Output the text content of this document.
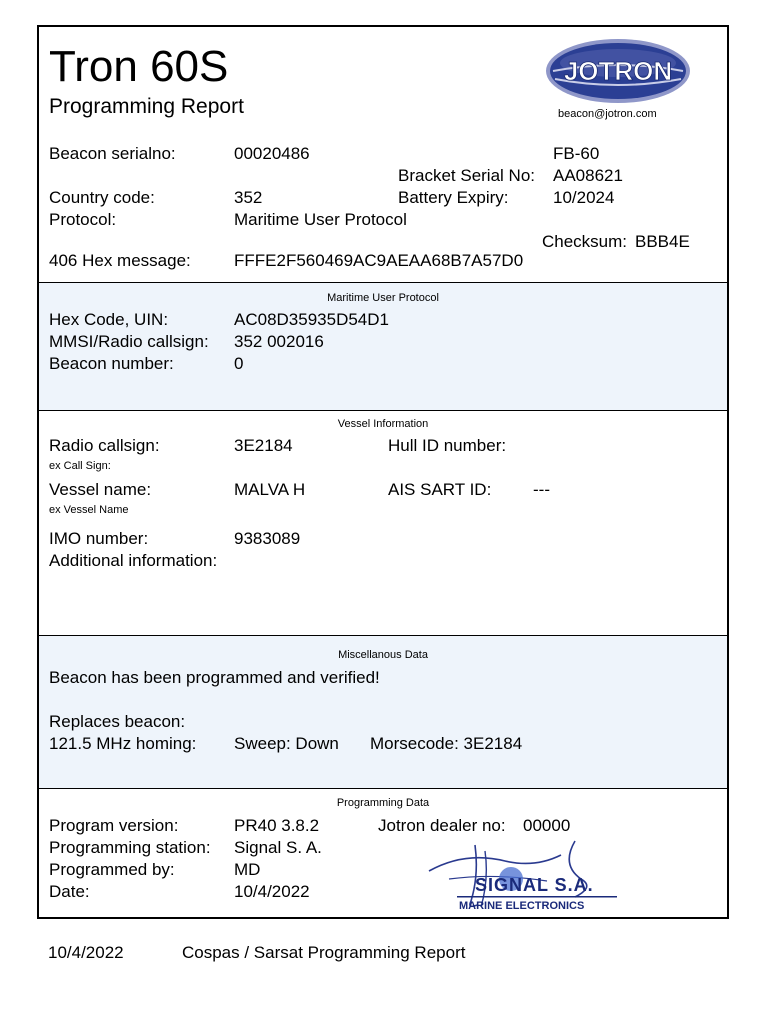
Tron 60S
Programming Report
JOTRON
beacon@jotron.com
Beacon serialno:	00020486	FB-60
Bracket Serial No: AA08621
Country code:	352	Battery Expiry:	10/2024
Protocol:	Maritime User Protocol
Checksum: BBB4E
406 Hex message:	FFFE2F560469AC9AEAA68B7A57D0
Maritime User Protocol
Hex Code, UIN:	AC08D35935D54D1
MMSI/Radio callsign: 352 002016
Beacon number:	0
Vessel Information
Radio callsign:	3E2184	Hull ID number:
ex Call Sign:
Vessel name:	MALVA H	AIS SART ID: ---
ex Vessel Name
IMO number:	9383089
Additional information:
Miscellanous Data
Beacon has been programmed and verified!
Replaces beacon:
121.5 MHz homing: Sweep: Down Morsecode: 3E2184
Programming Data
Program version:	PR40 3.8.2	Jotron dealer no: 00000
Programming station: Signal S. A.
Programmed by:	MD
Date:	10/4/2022	SIGNAL S.A.
MARINE ELECTRONICS
10/4/2022	Cospas / Sarsat Programming Report
